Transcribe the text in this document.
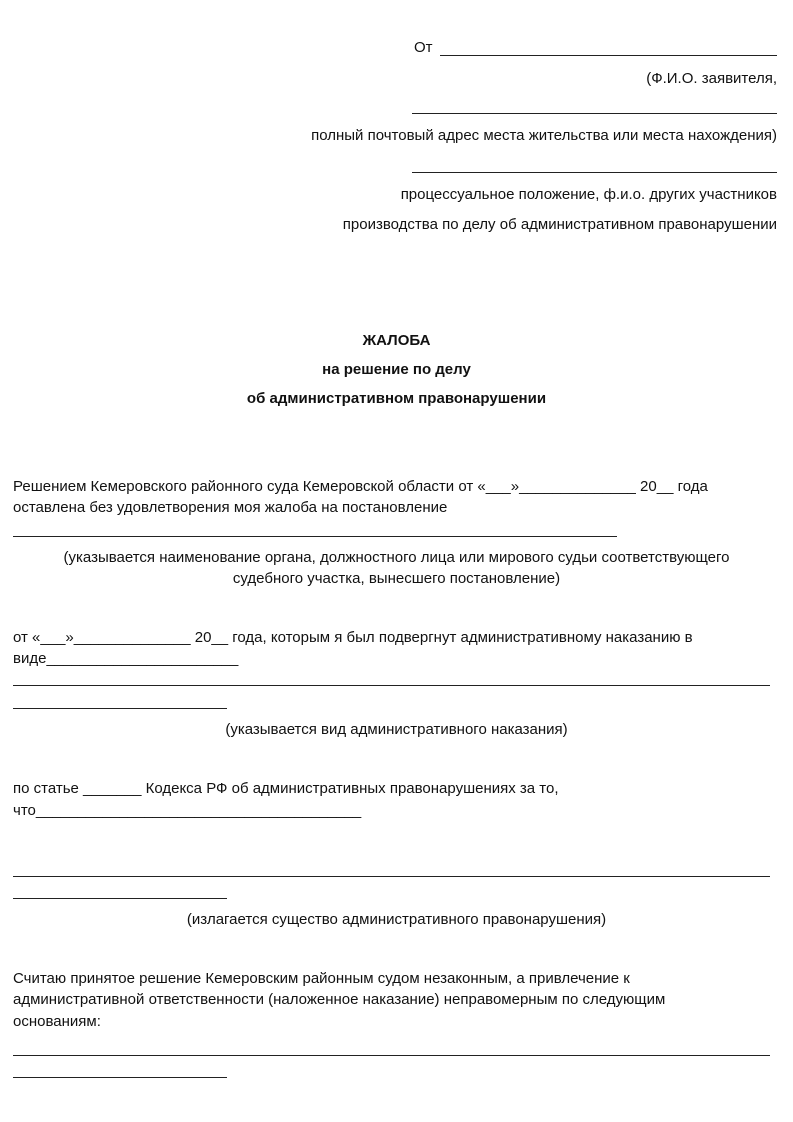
От
(Ф.И.О. заявителя,
полный почтовый адрес места жительства или места нахождения)
процессуальное положение, ф.и.о. других участников
производства по делу об административном правонарушении
ЖАЛОБА
на решение по делу
об административном правонарушении
Решением Кемеровского районного суда Кемеровской области от «___»______________ 20__ года
оставлена без удовлетворения моя жалоба на постановление
(указывается наименование органа, должностного лица или мирового судьи соответствующего
судебного участка, вынесшего постановление)
от «___»______________ 20__ года, которым я был подвергнут административному наказанию в
виде_______________________
(указывается вид административного наказания)
по статье _______ Кодекса РФ об административных правонарушениях за то,
что_______________________________________
(излагается существо административного правонарушения)
Считаю принятое решение Кемеровским районным судом незаконным, а привлечение к
административной ответственности (наложенное наказание) неправомерным по следующим
основаниям:
